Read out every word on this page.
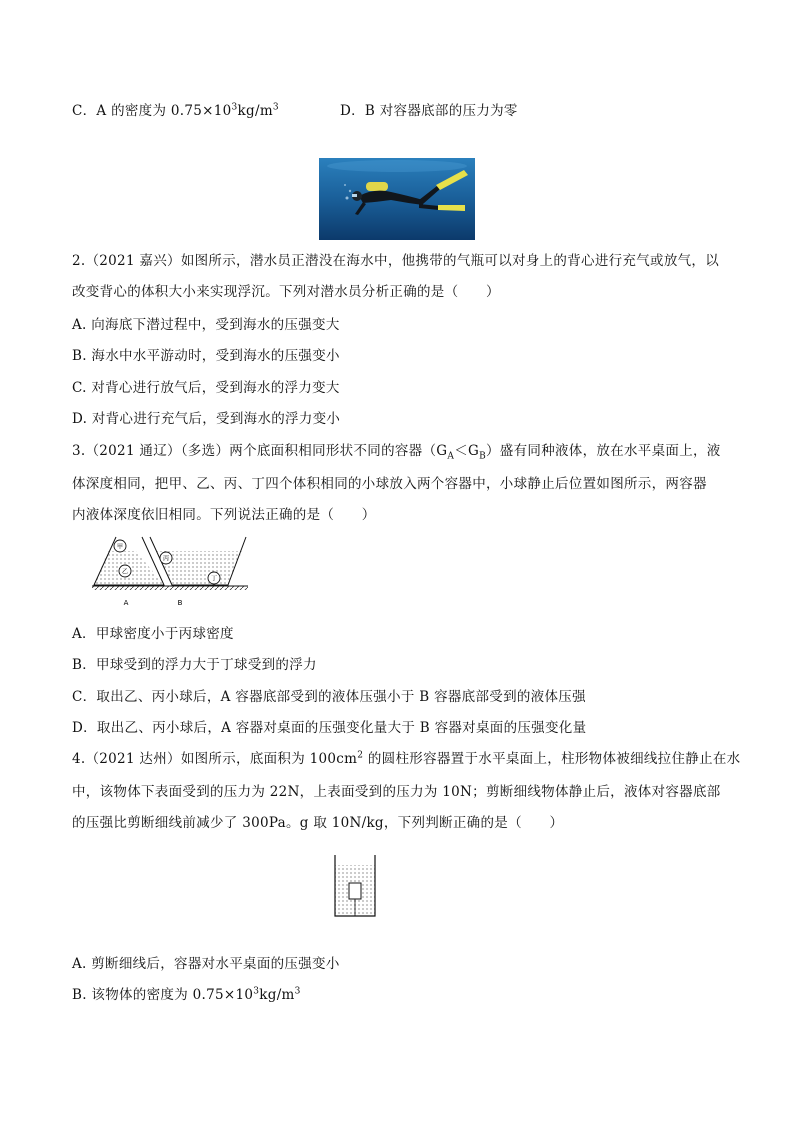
C．A 的密度为 $0.75\times 10^3kg/m^3$	D．B 对容器底部的压力为零
2.（2021 嘉兴）如图所示，潜水员正潜没在海水中，他携带的气瓶可以对身上的背心进行充气或放气，以
改变背心的体积大小来实现浮沉。下列对潜水员分析正确的是（　　）
A. 向海底下潜过程中，受到海水的压强变大
B. 海水中水平游动时，受到海水的压强变小
C. 对背心进行放气后，受到海水的浮力变大
D. 对背心进行充气后，受到海水的浮力变小
3.（2021 通辽）（多选）两个底面积相同形状不同的容器$(G_A<G_B)$盛有同种液体，放在水平桌面上，液
体深度相同，把甲、乙、丙、丁四个体积相同的小球放入两个容器中，小球静止后位置如图所示，两容器
内液体深度依旧相同。下列说法正确的是（　　）
甲
乙
丙
丁
A	B
A．甲球密度小于丙球密度
B．甲球受到的浮力大于丁球受到的浮力
C．取出乙、丙小球后，A 容器底部受到的液体压强小于 B 容器底部受到的液体压强
D．取出乙、丙小球后，A 容器对桌面的压强变化量大于 B 容器对桌面的压强变化量
4.（2021 达州）如图所示，底面积为 $100cm^2$ 的圆柱形容器置于水平桌面上，柱形物体被细线拉住静止在水
中，该物体下表面受到的压力为 22N，上表面受到的压力为 10N；剪断细线物体静止后，液体对容器底部
的压强比剪断细线前减少了 300Pa。g 取 10N/kg，下列判断正确的是（　　）
A. 剪断细线后，容器对水平桌面的压强变小
B. 该物体的密度为 $0.75\times 10^3kg/m^3$
